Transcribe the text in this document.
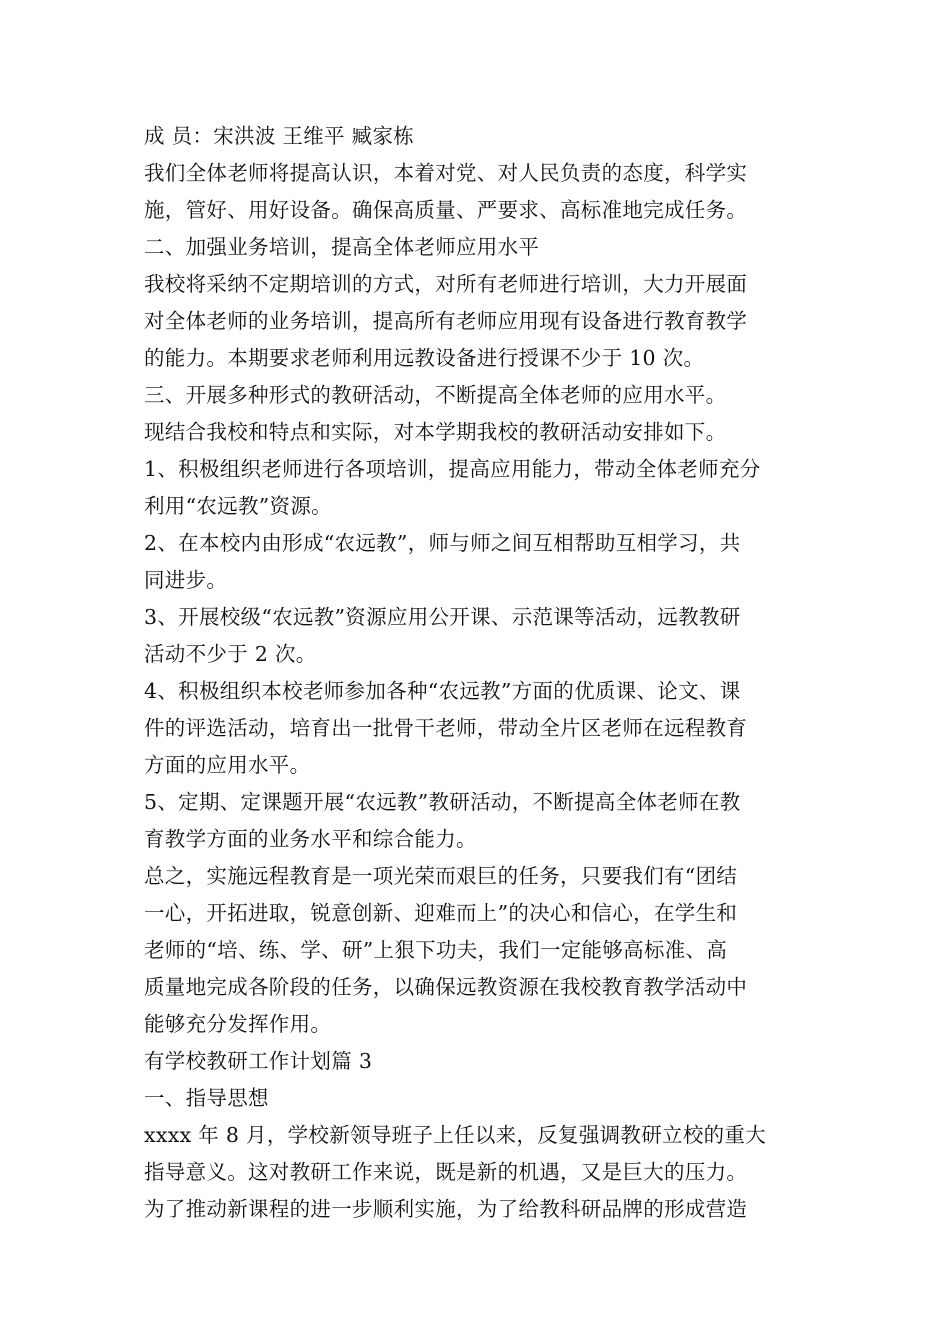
成 员：宋洪波 王维平 臧家栋

我们全体老师将提高认识，本着对党、对人民负责的态度，科学实

施，管好、用好设备。确保高质量、严要求、高标准地完成任务。

二、加强业务培训，提高全体老师应用水平

我校将采纳不定期培训的方式，对所有老师进行培训，大力开展面

对全体老师的业务培训，提高所有老师应用现有设备进行教育教学

的能力。本期要求老师利用远教设备进行授课不少于 10 次。

三、开展多种形式的教研活动，不断提高全体老师的应用水平。

现结合我校和特点和实际，对本学期我校的教研活动安排如下。

1、积极组织老师进行各项培训，提高应用能力，带动全体老师充分

利用“农远教”资源。

2、在本校内由形成“农远教”，师与师之间互相帮助互相学习，共

同进步。

3、开展校级“农远教”资源应用公开课、示范课等活动，远教教研

活动不少于 2 次。

4、积极组织本校老师参加各种“农远教”方面的优质课、论文、课

件的评选活动，培育出一批骨干老师，带动全片区老师在远程教育

方面的应用水平。

5、定期、定课题开展“农远教”教研活动，不断提高全体老师在教

育教学方面的业务水平和综合能力。

总之，实施远程教育是一项光荣而艰巨的任务，只要我们有“团结

一心，开拓进取，锐意创新、迎难而上”的决心和信心，在学生和

老师的“培、练、学、研”上狠下功夫，我们一定能够高标准、高

质量地完成各阶段的任务，以确保远教资源在我校教育教学活动中

能够充分发挥作用。

有学校教研工作计划篇 3

一、指导思想

xxxx 年 8 月，学校新领导班子上任以来，反复强调教研立校的重大

指导意义。这对教研工作来说，既是新的机遇，又是巨大的压力。

为了推动新课程的进一步顺利实施，为了给教科研品牌的形成营造
